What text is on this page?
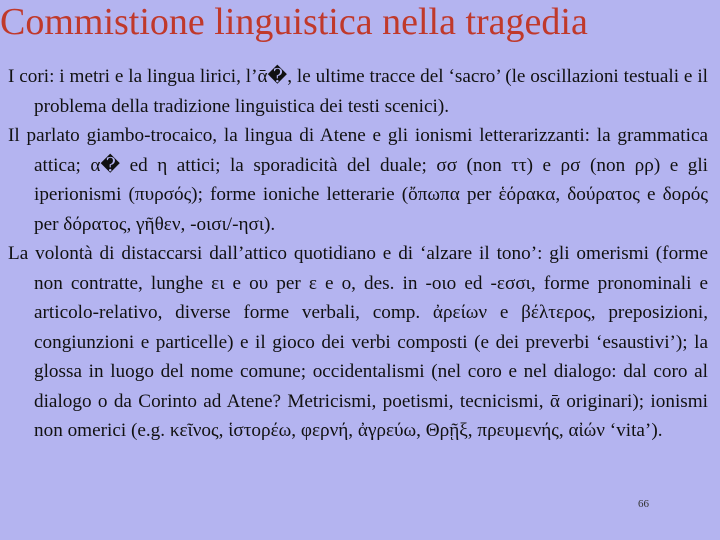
Commistione linguistica nella tragedia

I cori: i metri e la lingua lirici, l’ᾱ�, le ultime tracce del ‘sacro’ (le oscillazioni testuali e il problema della tradizione linguistica dei testi scenici).

Il parlato giambo-trocaico, la lingua di Atene e gli ionismi letterarizzanti: la grammatica attica; α� ed η attici; la sporadicità del duale; σσ (non ττ) e ρσ (non ρρ) e gli iperionismi (πυρσός); forme ioniche letterarie (ὄπωπα per ἑόρακα, δούρατος e δορός per δόρατος, γῆθεν, -οισι/-ησι).

La volontà di distaccarsi dall’attico quotidiano e di ‘alzare il tono’: gli omerismi (forme non contratte, lunghe ει e ου per ε e ο, des. in ‑οιο ed ‑εσσι, forme pronominali e articolo-relativo, diverse forme verbali, comp. ἀρείων e βέλτερος, preposizioni, congiunzioni e particelle) e il gioco dei verbi composti (e dei preverbi ‘esaustivi’); la glossa in luogo del nome comune; occidentalismi (nel coro e nel dialogo: dal coro al dialogo o da Corinto ad Atene? Metricismi, poetismi, tecnicismi, ᾱ originari); ionismi non omerici (e.g. κεῖνος, ἱστορέω, φερνή, ἀγρεύω, Θρῇξ, πρευμενής, αἰών ‘vita’).

66
